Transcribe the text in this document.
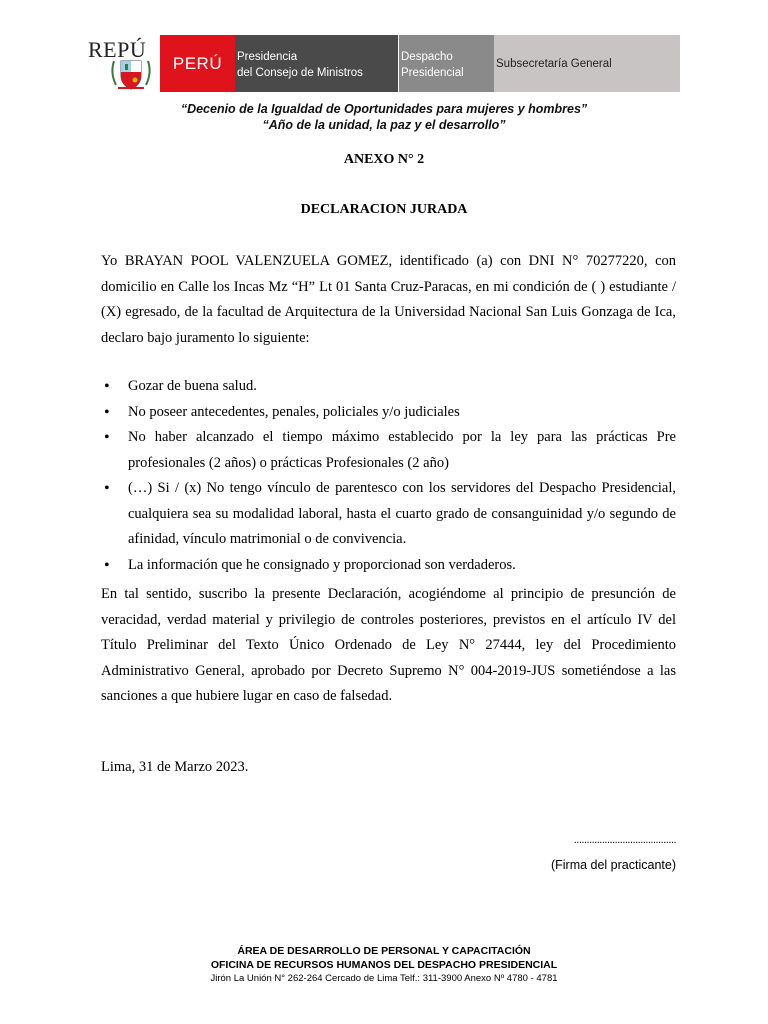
REPÚ
PERÚ	Presidencia
del Consejo de Ministros
Despacho
Presidencial
Subsecretaría General
“Decenio de la Igualdad de Oportunidades para mujeres y hombres”
“Año de la unidad, la paz y el desarrollo”
ANEXO N° 2
DECLARACION JURADA
Yo BRAYAN POOL VALENZUELA GOMEZ, identificado (a) con DNI N° 70277220, con domicilio en Calle los Incas Mz “H” Lt 01 Santa Cruz-Paracas, en mi condición de ( ) estudiante / (X) egresado, de la facultad de Arquitectura de la Universidad Nacional San Luis Gonzaga de Ica, declaro bajo juramento lo siguiente:
• Gozar de buena salud.
• No poseer antecedentes, penales, policiales y/o judiciales
• No haber alcanzado el tiempo máximo establecido por la ley para las prácticas Pre profesionales (2 años) o prácticas Profesionales (2 año)
• (…) Si / (x) No tengo vínculo de parentesco con los servidores del Despacho Presidencial, cualquiera sea su modalidad laboral, hasta el cuarto grado de consanguinidad y/o segundo de afinidad, vínculo matrimonial o de convivencia.
• La información que he consignado y proporcionad son verdaderos.
En tal sentido, suscribo la presente Declaración, acogiéndome al principio de presunción de veracidad, verdad material y privilegio de controles posteriores, previstos en el artículo IV del Título Preliminar del Texto Único Ordenado de Ley N° 27444, ley del Procedimiento Administrativo General, aprobado por Decreto Supremo N° 004-2019-JUS sometiéndose a las sanciones a que hubiere lugar en caso de falsedad.
Lima, 31 de Marzo 2023.
........................................
(Firma del practicante)
ÁREA DE DESARROLLO DE PERSONAL Y CAPACITACIÓN
OFICINA DE RECURSOS HUMANOS DEL DESPACHO PRESIDENCIAL
Jirón La Unión N° 262-264 Cercado de Lima Telf.: 311-3900 Anexo Nº 4780 - 4781
